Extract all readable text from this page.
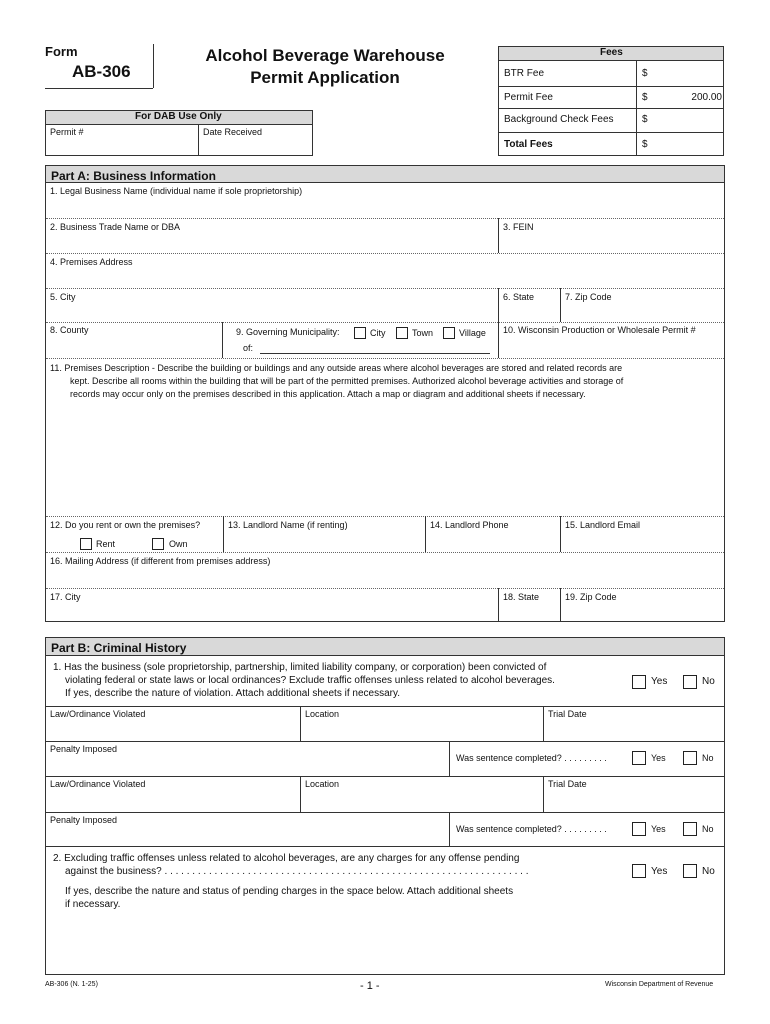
Form
AB-306
Alcohol Beverage Warehouse
Permit Application
Fees
BTR Fee	$
Permit Fee	$	200.00
Background Check Fees	$
Total Fees	$
For DAB Use Only
Permit #	Date Received
Part A: Business Information
1. Legal Business Name (individual name if sole proprietorship)
2. Business Trade Name or DBA	3. FEIN
4. Premises Address
5. City	6. State	7. Zip Code
8. County	9. Governing Municipality:	City	Town	Village
of:
10. Wisconsin Production or Wholesale Permit #
11. Premises Description - Describe the building or buildings and any outside areas where alcohol beverages are stored and related records are
kept. Describe all rooms within the building that will be part of the permitted premises. Authorized alcohol beverage activities and storage of
records may occur only on the premises described in this application. Attach a map or diagram and additional sheets if necessary.
12. Do you rent or own the premises?
Rent	Own
13. Landlord Name (if renting)	14. Landlord Phone	15. Landlord Email
16. Mailing Address (if different from premises address)
17. City	18. State	19. Zip Code
Part B: Criminal History
1. Has the business (sole proprietorship, partnership, limited liability company, or corporation) been convicted of
violating federal or state laws or local ordinances? Exclude traffic offenses unless related to alcohol beverages.
If yes, describe the nature of violation. Attach additional sheets if necessary.
Yes	No
Law/Ordinance Violated	Location	Trial Date
Penalty Imposed
Was sentence completed? . . . . . . . . .	Yes	No
Law/Ordinance Violated	Location	Trial Date
Penalty Imposed
Was sentence completed? . . . . . . . . .	Yes	No
2. Excluding traffic offenses unless related to alcohol beverages, are any charges for any offense pending
against the business? . . . . . . . . . . . . . . . . . . . . . . . . . . . . . . . . . . . . . . . . . . . . . . . . . . . . . . . . . . . . . . . . . .	Yes	No
If yes, describe the nature and status of pending charges in the space below. Attach additional sheets
if necessary.
AB-306 (N. 1-25)	- 1 -	Wisconsin Department of Revenue
